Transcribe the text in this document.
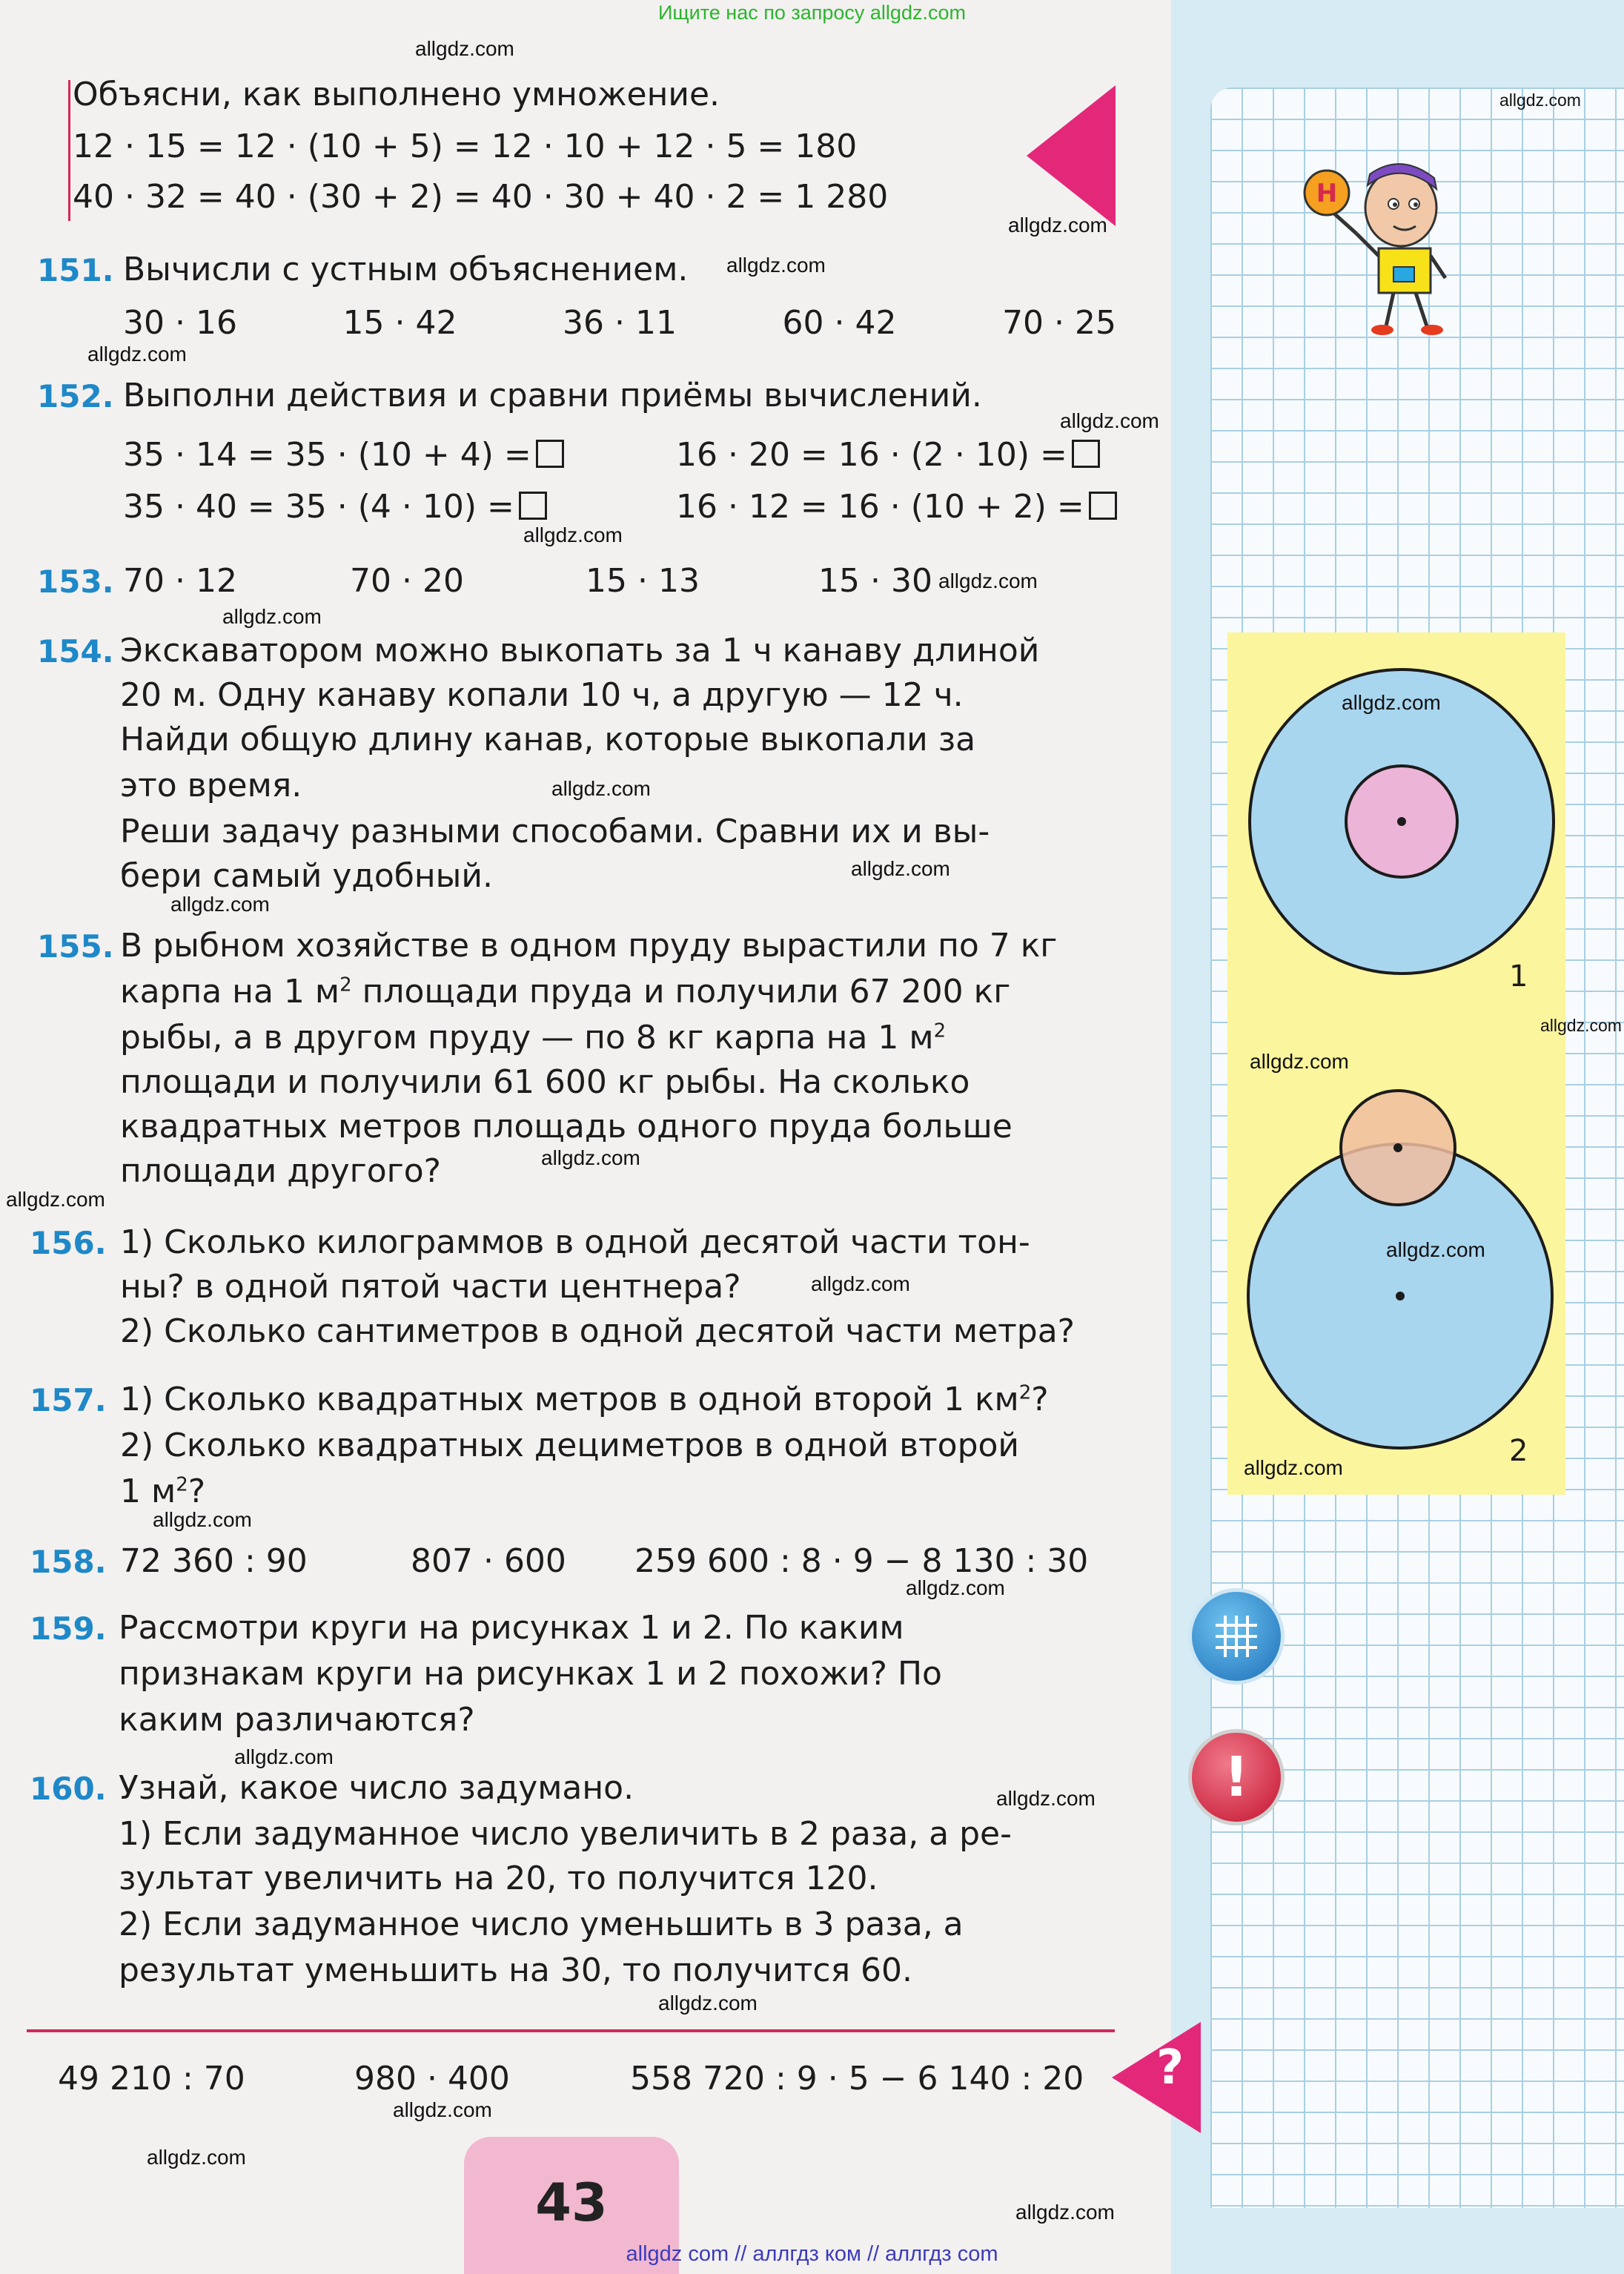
Ищите нас по запросу allgdz.com
Объясни, как выполнено умножение.
12 · 15 = 12 · (10 + 5) = 12 · 10 + 12 · 5 = 180
40 · 32 = 40 · (30 + 2) = 40 · 30 + 40 · 2 = 1 280
151. Вычисли с устным объяснением.
30 · 16	15 · 42	36 · 11	60 · 42	70 · 25
152. Выполни действия и сравни приёмы вычислений.
35 · 14 = 35 · (10 + 4) =	16 · 20 = 16 · (2 · 10) =
35 · 40 = 35 · (4 · 10) =	16 · 12 = 16 · (10 + 2) =
153. 70 · 12	70 · 20	15 · 13	15 · 30
154. Экскаватором можно выкопать за 1 ч канаву длиной
20 м. Одну канаву копали 10 ч, а другую — 12 ч.
Найди общую длину канав, которые выкопали за
это время.
Реши задачу разными способами. Сравни их и вы-
бери самый удобный.
155. В рыбном хозяйстве в одном пруду вырастили по 7 кг
карпа на 1 $м^2$ площади пруда и получили 67 200 кг
рыбы, а в другом пруду — по 8 кг карпа на 1 $м^2$
площади и получили 61 600 кг рыбы. На сколько
квадратных метров площадь одного пруда больше
площади другого?
156. 1) Сколько килограммов в одной десятой части тон-
ны? в одной пятой части центнера?
2) Сколько сантиметров в одной десятой части метра?
157. 1) Сколько квадратных метров в одной второй 1 $км^2$?
2) Сколько квадратных дециметров в одной второй
1 $м^2$?
158. 72 360 : 90	807 · 600 259 600 : 8 · 9 − 8 130 : 30
159. Рассмотри круги на рисунках 1 и 2. По каким
признакам круги на рисунках 1 и 2 похожи? По
каким различаются?
160. Узнай, какое число задумано.
1) Если задуманное число увеличить в 2 раза, а ре-
зультат увеличить на 20, то получится 120.
2) Если задуманное число уменьшить в 3 раза, а
результат уменьшить на 30, то получится 60.
49 210 : 70	980 · 400	558 720 : 9 · 5 − 6 140 : 20
43
?
Н
1
2
!
allgdz.com
allgdz.com
allgdz.com
allgdz.com
allgdz.com
allgdz.com
allgdz.com
allgdz.com
allgdz.com
allgdz.com
allgdz.com
allgdz.com
allgdz.com
allgdz.com
allgdz.com
allgdz.com
allgdz.com
allgdz.com
allgdz.com
allgdz.com
allgdz.com
allgdz.com
allgdz.com
allgdz.com
allgdz.com
allgdz.com
allgdz.com
allgdz.com
allgdz com // аллгдз ком // аллгдз com
